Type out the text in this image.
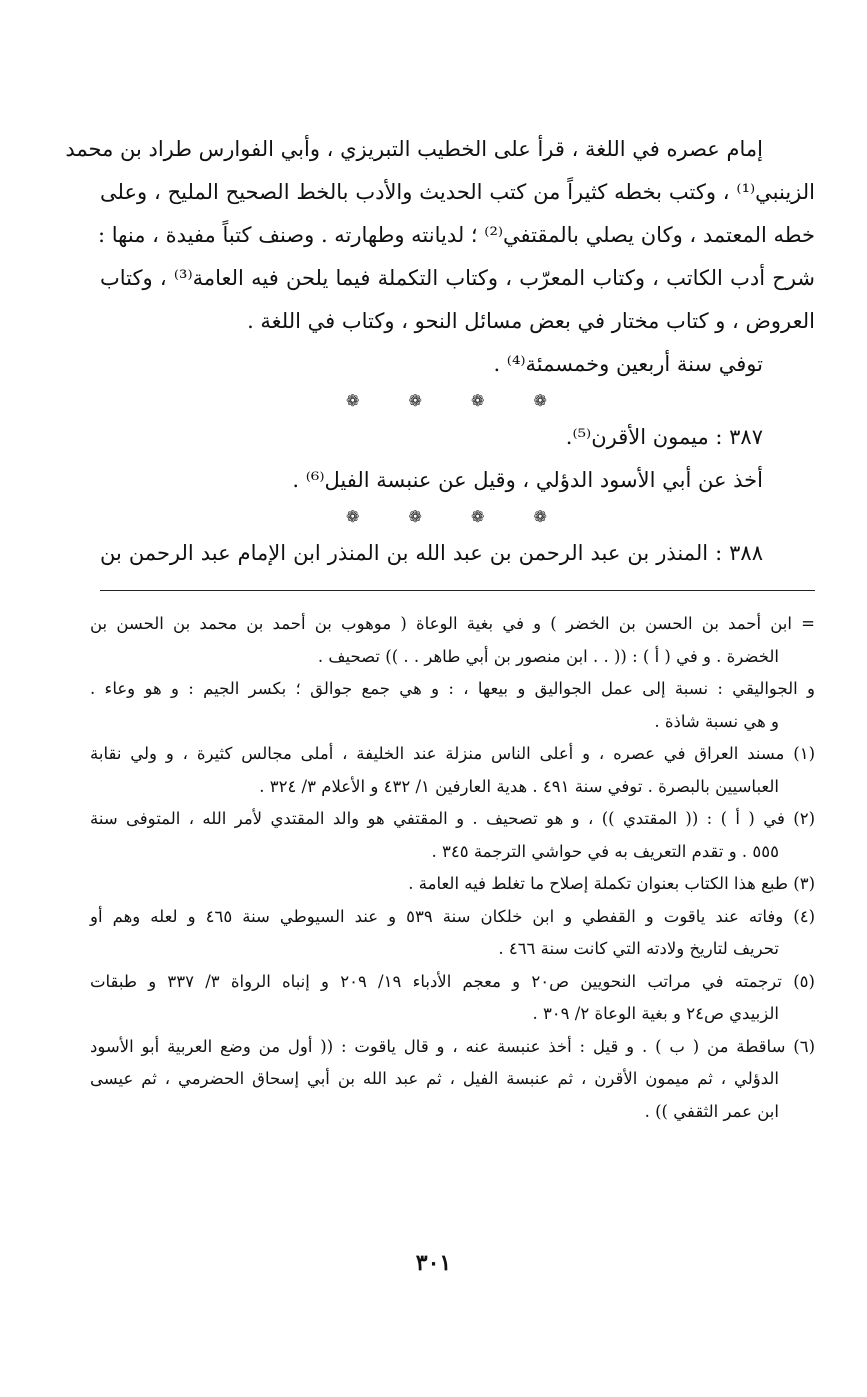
إمام عصره في اللغة ، قرأ على الخطيب التبريزي ، وأبي الفوارس طراد بن محمد
الزينبي⁽¹⁾ ، وكتب بخطه كثيراً من كتب الحديث والأدب بالخط الصحيح المليح ، وعلى
خطه المعتمد ، وكان يصلي بالمقتفي⁽²⁾ ؛ لديانته وطهارته . وصنف كتباً مفيدة ، منها :
شرح أدب الكاتب ، وكتاب المعرّب ، وكتاب التكملة فيما يلحن فيه العامة⁽³⁾ ، وكتاب
العروض ، و كتاب مختار في بعض مسائل النحو ، وكتاب في اللغة .
توفي سنة أربعين وخمسمئة⁽⁴⁾ .
❁ ❁ ❁ ❁
٣٨٧ : ميمون الأقرن⁽⁵⁾.
أخذ عن أبي الأسود الدؤلي ، وقيل عن عنبسة الفيل⁽⁶⁾ .
❁ ❁ ❁ ❁
٣٨٨ : المنذر بن عبد الرحمن بن عبد الله بن المنذر ابن الإمام عبد الرحمن بن
= ابن أحمد بن الحسن بن الخضر ) و في بغية الوعاة ( موهوب بن أحمد بن محمد بن الحسن بن
الخضرة . و في ( أ ) : (( . . ابن منصور بن أبي طاهر . . )) تصحيف .
و الجواليقي : نسبة إلى عمل الجواليق و بيعها ، : و هي جمع جوالق ؛ بكسر الجيم : و هو وعاء .
و هي نسبة شاذة .
(١) مسند العراق في عصره ، و أعلى الناس منزلة عند الخليفة ، أملى مجالس كثيرة ، و ولي نقابة
العباسيين بالبصرة . توفي سنة ٤٩١ . هدية العارفين ١/ ٤٣٢ و الأعلام ٣/ ٣٢٤ .
(٢) في ( أ ) : (( المقتدي )) ، و هو تصحيف . و المقتفي هو والد المقتدي لأمر الله ، المتوفى سنة
٥٥٥ . و تقدم التعريف به في حواشي الترجمة ٣٤٥ .
(٣) طبع هذا الكتاب بعنوان تكملة إصلاح ما تغلط فيه العامة .
(٤) وفاته عند ياقوت و القفطي و ابن خلكان سنة ٥٣٩ و عند السيوطي سنة ٤٦٥ و لعله وهم أو
تحريف لتاريخ ولادته التي كانت سنة ٤٦٦ .
(٥) ترجمته في مراتب النحويين ص٢٠ و معجم الأدباء ١٩/ ٢٠٩ و إنباه الرواة ٣/ ٣٣٧ و طبقات
الزبيدي ص٢٤ و بغية الوعاة ٢/ ٣٠٩ .
(٦) ساقطة من ( ب ) . و قيل : أخذ عنبسة عنه ، و قال ياقوت : (( أول من وضع العربية أبو الأسود
الدؤلي ، ثم ميمون الأقرن ، ثم عنبسة الفيل ، ثم عبد الله بن أبي إسحاق الحضرمي ، ثم عيسى
ابن عمر الثقفي )) .
٣٠١
